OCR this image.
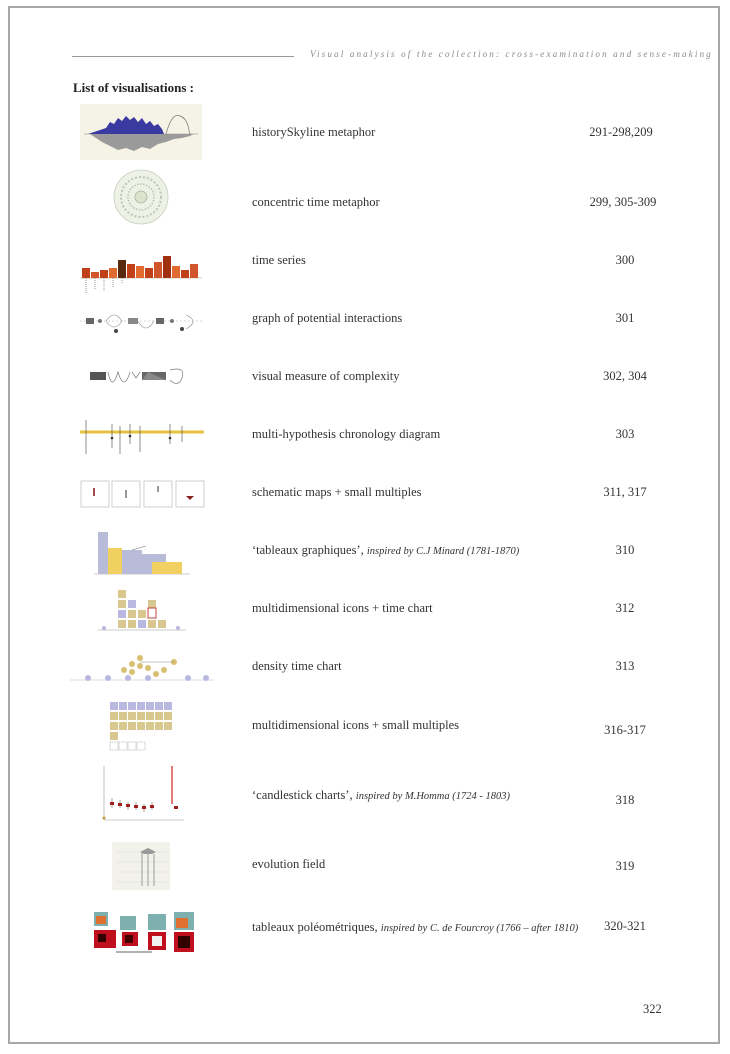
Visual analysis of the collection: cross-examination and sense-making
List of visualisations :
historySkyline metaphor	291-298,209
concentric time metaphor	299, 305-309
time series	300
graph of potential interactions	301
visual measure of complexity	302, 304
multi-hypothesis chronology diagram	303
schematic maps + small multiples	311, 317
‘tableaux graphiques’, inspired by C.J Minard (1781-1870)	310
multidimensional icons + time chart	312
density time chart	313
multidimensional icons + small multiples	316-317
‘candlestick charts’, inspired by M.Homma (1724 - 1803)	318
evolution field	319
tableaux poléométriques, inspired by C. de Fourcroy (1766 – after 1810)	320-321
322
